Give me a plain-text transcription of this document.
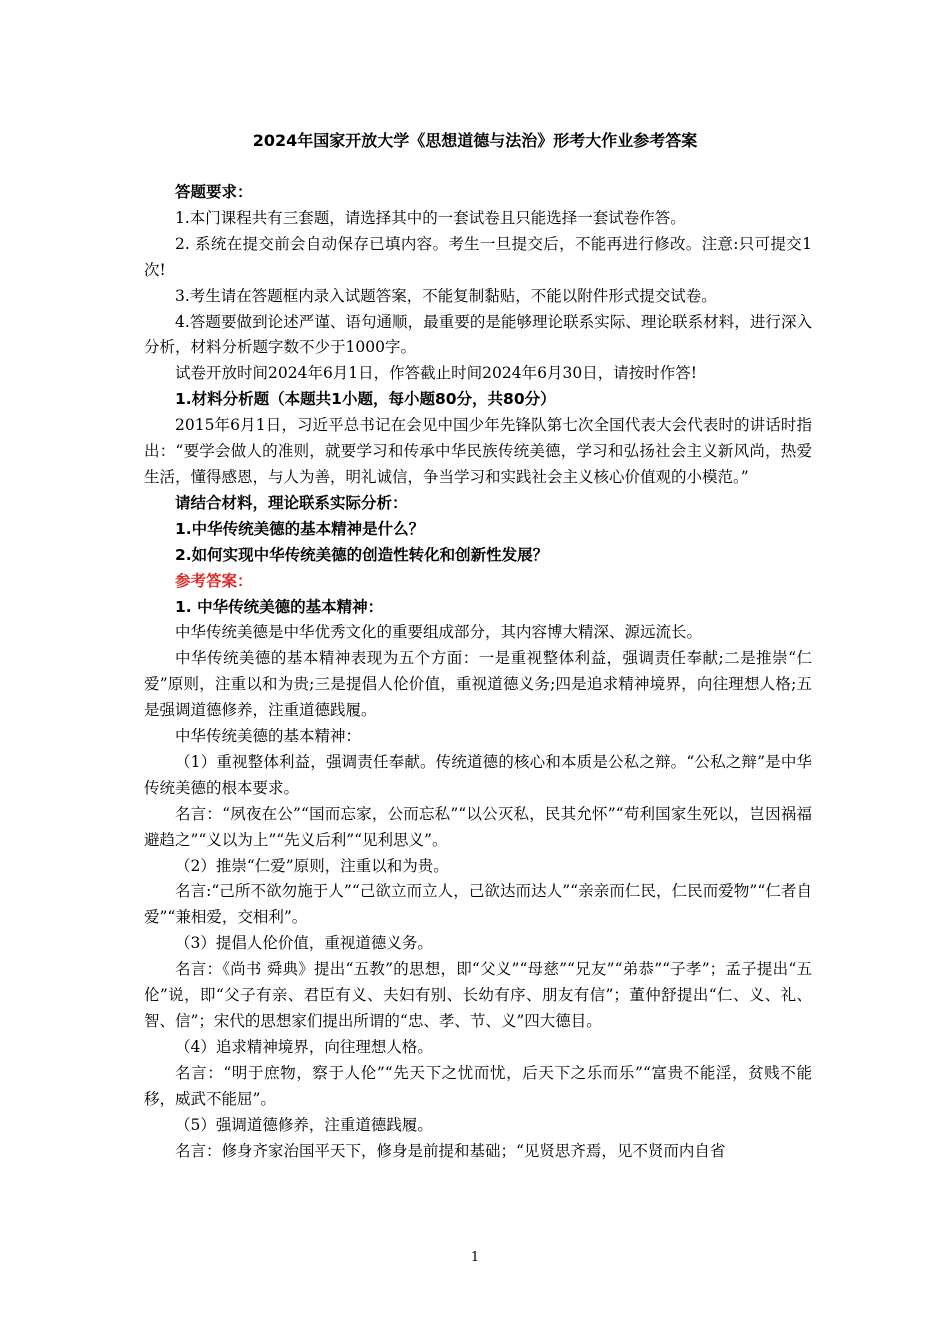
2024年国家开放大学《思想道德与法治》形考大作业参考答案

答题要求：

1.本门课程共有三套题，请选择其中的一套试卷且只能选择一套试卷作答。

2. 系统在提交前会自动保存已填内容。考生一旦提交后，不能再进行修改。注意:只可提交1次!

3.考生请在答题框内录入试题答案，不能复制黏贴，不能以附件形式提交试卷。

4.答题要做到论述严谨、语句通顺，最重要的是能够理论联系实际、理论联系材料，进行深入分析，材料分析题字数不少于1000字。

试卷开放时间2024年6月1日，作答截止时间2024年6月30日，请按时作答!

1.材料分析题（本题共1小题，每小题80分，共80分）

2015年6月1日，习近平总书记在会见中国少年先锋队第七次全国代表大会代表时的讲话时指出：“要学会做人的准则，就要学习和传承中华民族传统美德，学习和弘扬社会主义新风尚，热爱生活，懂得感恩，与人为善，明礼诚信，争当学习和实践社会主义核心价值观的小模范。”

请结合材料，理论联系实际分析：

1.中华传统美德的基本精神是什么？

2.如何实现中华传统美德的创造性转化和创新性发展？

参考答案：

1. 中华传统美德的基本精神：

中华传统美德是中华优秀文化的重要组成部分，其内容博大精深、源远流长。

中华传统美德的基本精神表现为五个方面：一是重视整体利益，强调责任奉献;二是推崇“仁爱”原则，注重以和为贵;三是提倡人伦价值，重视道德义务;四是追求精神境界，向往理想人格;五是强调道德修养，注重道德践履。

中华传统美德的基本精神：

（1）重视整体利益，强调责任奉献。传统道德的核心和本质是公私之辩。“公私之辩”是中华传统美德的根本要求。

名言：“夙夜在公”“国而忘家，公而忘私”“以公灭私，民其允怀”“苟利国家生死以，岂因祸福避趋之”“义以为上”“先义后利”“见利思义”。

（2）推崇“仁爱”原则，注重以和为贵。

名言:“己所不欲勿施于人”“己欲立而立人，己欲达而达人”“亲亲而仁民，仁民而爱物”“仁者自爱”“兼相爱，交相利”。

（3）提倡人伦价值，重视道德义务。

名言：《尚书 舜典》提出“五教”的思想，即“父义”“母慈”“兄友”“弟恭”“子孝”；孟子提出“五伦”说，即“父子有亲、君臣有义、夫妇有别、长幼有序、朋友有信”；董仲舒提出“仁、义、礼、智、信”；宋代的思想家们提出所谓的“忠、孝、节、义”四大德目。

（4）追求精神境界，向往理想人格。

名言：“明于庶物，察于人伦”“先天下之忧而忧，后天下之乐而乐”“富贵不能淫，贫贱不能移，威武不能屈”。

（5）强调道德修养，注重道德践履。

名言：修身齐家治国平天下，修身是前提和基础；“见贤思齐焉，见不贤而内自省

1
